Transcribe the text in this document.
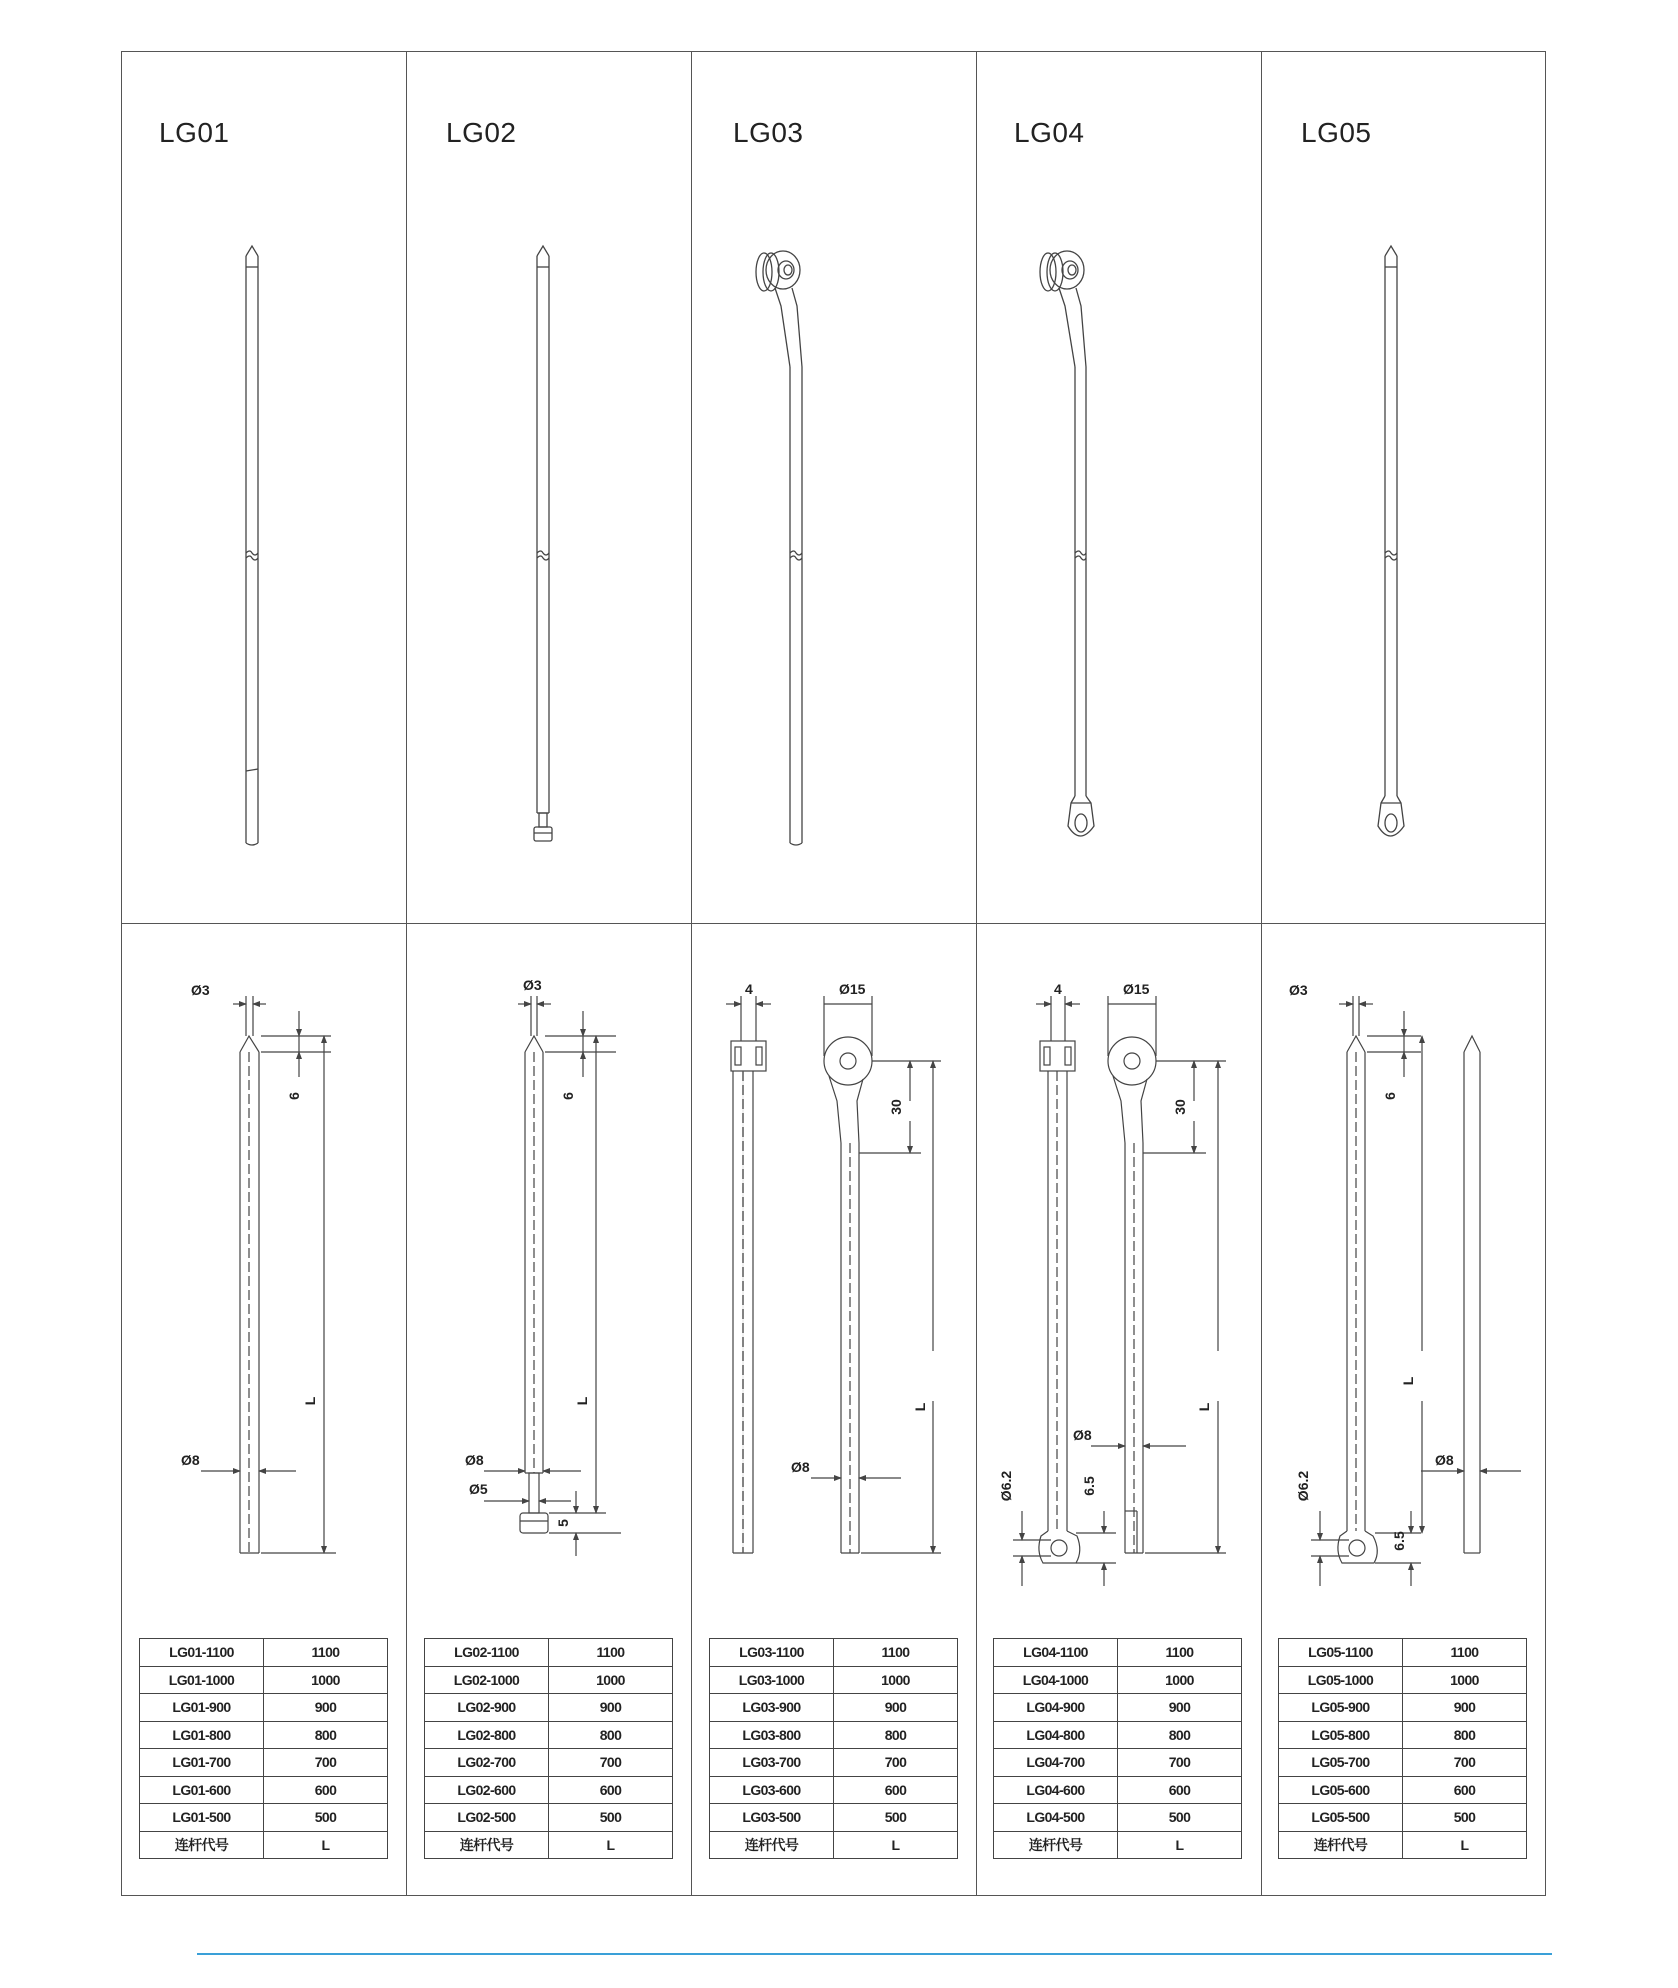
LG01	LG02	LG03	LG04	LG05
Ø3
6
L
Ø8
Ø3
6
L
Ø8
Ø5
5
4	Ø15
30
L
Ø8
4	Ø15
30
L
Ø8
Ø6.2	6.5
Ø3
6
L
Ø8
Ø6.2
6.5
LG01-1100	1100
LG01-1000	1000
LG01-900	900
LG01-800	800
LG01-700	700
LG01-600	600
LG01-500	500
连杆代号	L
LG02-1100	1100
LG02-1000	1000
LG02-900	900
LG02-800	800
LG02-700	700
LG02-600	600
LG02-500	500
连杆代号	L
LG03-1100	1100
LG03-1000	1000
LG03-900	900
LG03-800	800
LG03-700	700
LG03-600	600
LG03-500	500
连杆代号	L
LG04-1100	1100
LG04-1000	1000
LG04-900	900
LG04-800	800
LG04-700	700
LG04-600	600
LG04-500	500
连杆代号	L
LG05-1100	1100
LG05-1000	1000
LG05-900	900
LG05-800	800
LG05-700	700
LG05-600	600
LG05-500	500
连杆代号	L
